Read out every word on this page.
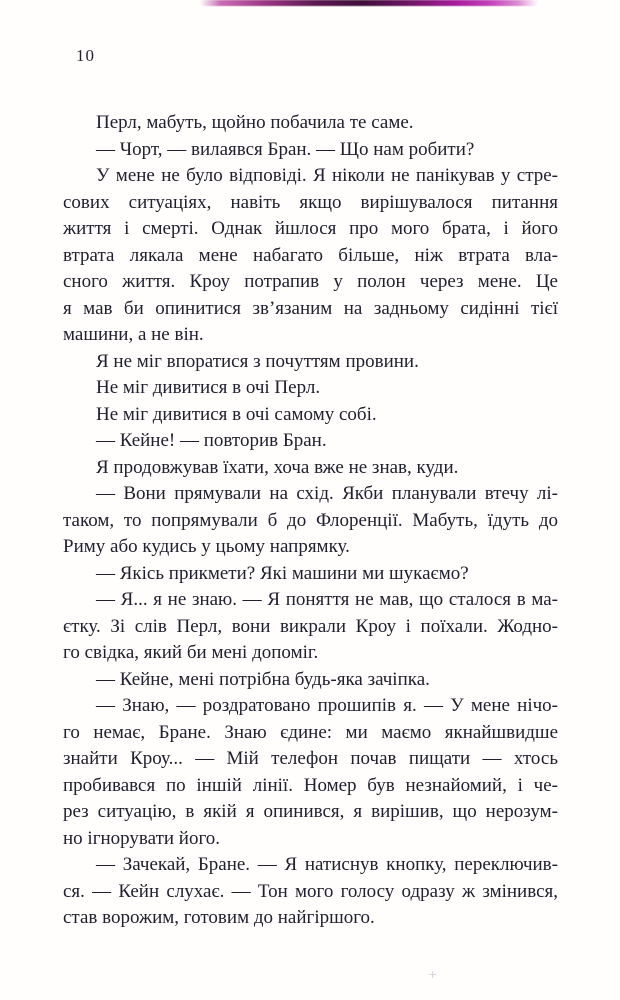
10
Перл, мабуть, щойно побачила те саме.
— Чорт, — вилаявся Бран. — Що нам робити?
У мене не було відповіді. Я ніколи не панікував у стре-
сових ситуаціях, навіть якщо вирішувалося питання
життя і смерті. Однак йшлося про мого брата, і його
втрата лякала мене набагато більше, ніж втрата вла-
сного життя. Кроу потрапив у полон через мене. Це
я мав би опинитися зв’язаним на задньому сидінні тієї
машини, а не він.
Я не міг впоратися з почуттям провини.
Не міг дивитися в очі Перл.
Не міг дивитися в очі самому собі.
— Кейне! — повторив Бран.
Я продовжував їхати, хоча вже не знав, куди.
— Вони прямували на схід. Якби планували втечу лі-
таком, то попрямували б до Флоренції. Мабуть, їдуть до
Риму або кудись у цьому напрямку.
— Якісь прикмети? Які машини ми шукаємо?
— Я... я не знаю. — Я поняття не мав, що сталося в ма-
єтку. Зі слів Перл, вони викрали Кроу і поїхали. Жодно-
го свідка, який би мені допоміг.
— Кейне, мені потрібна будь-яка зачіпка.
— Знаю, — роздратовано прошипів я. — У мене нічо-
го немає, Бране. Знаю єдине: ми маємо якнайшвидше
знайти Кроу... — Мій телефон почав пищати — хтось
пробивався по іншій лінії. Номер був незнайомий, і че-
рез ситуацію, в якій я опинився, я вирішив, що нерозум-
но ігнорувати його.
— Зачекай, Бране. — Я натиснув кнопку, переключив-
ся. — Кейн слухає. — Тон мого голосу одразу ж змінився,
став ворожим, готовим до найгіршого.
+
